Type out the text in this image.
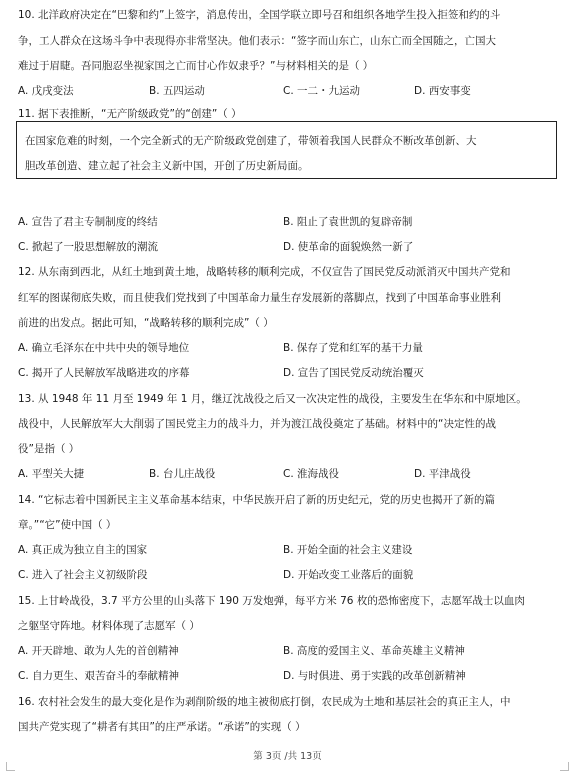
10. 北洋政府决定在“巴黎和约”上签字，消息传出，全国学联立即号召和组织各地学生投入拒签和约的斗
争，工人群众在这场斗争中表现得亦非常坚决。他们表示：“签字而山东亡，山东亡而全国随之，亡国大
难过于眉睫。吾同胞忍坐视家国之亡而甘心作奴隶乎？”与材料相关的是（ ）
A. 戊戌变法	B. 五四运动	C. 一二・九运动	D. 西安事变
11. 据下表推断，“无产阶级政党”的“创建”（ ）
在国家危难的时刻，一个完全新式的无产阶级政党创建了，带领着我国人民群众不断改革创新、大
胆改革创造、建立起了社会主义新中国，开创了历史新局面。
A. 宣告了君主专制制度的终结	B. 阻止了袁世凯的复辟帝制
C. 掀起了一股思想解放的潮流	D. 使革命的面貌焕然一新了
12. 从东南到西北，从红土地到黄土地，战略转移的顺利完成，不仅宣告了国民党反动派消灭中国共产党和
红军的图谋彻底失败，而且使我们党找到了中国革命力量生存发展新的落脚点，找到了中国革命事业胜利
前进的出发点。据此可知，“战略转移的顺利完成”（ ）
A. 确立毛泽东在中共中央的领导地位	B. 保存了党和红军的基干力量
C. 揭开了人民解放军战略进攻的序幕	D. 宣告了国民党反动统治覆灭
13. 从 1948 年 11 月至 1949 年 1 月，继辽沈战役之后又一次决定性的战役，主要发生在华东和中原地区。
战役中，人民解放军大大削弱了国民党主力的战斗力，并为渡江战役奠定了基础。材料中的“决定性的战
役”是指（ ）
A. 平型关大捷	B. 台儿庄战役	C. 淮海战役	D. 平津战役
14. “它标志着中国新民主主义革命基本结束，中华民族开启了新的历史纪元，党的历史也揭开了新的篇
章。”“它”使中国（ ）
A. 真正成为独立自主的国家	B. 开始全面的社会主义建设
C. 进入了社会主义初级阶段	D. 开始改变工业落后的面貌
15. 上甘岭战役，3.7 平方公里的山头落下 190 万发炮弹，每平方米 76 枚的恐怖密度下，志愿军战士以血肉
之躯坚守阵地。材料体现了志愿军（ ）
A. 开天辟地、敢为人先的首创精神	B. 高度的爱国主义、革命英雄主义精神
C. 自力更生、艰苦奋斗的奉献精神	D. 与时俱进、勇于实践的改革创新精神
16. 农村社会发生的最大变化是作为剥削阶级的地主被彻底打倒，农民成为土地和基层社会的真正主人，中
国共产党实现了“耕者有其田”的庄严承诺。“承诺”的实现（ ）
第 3页 /共 13页
